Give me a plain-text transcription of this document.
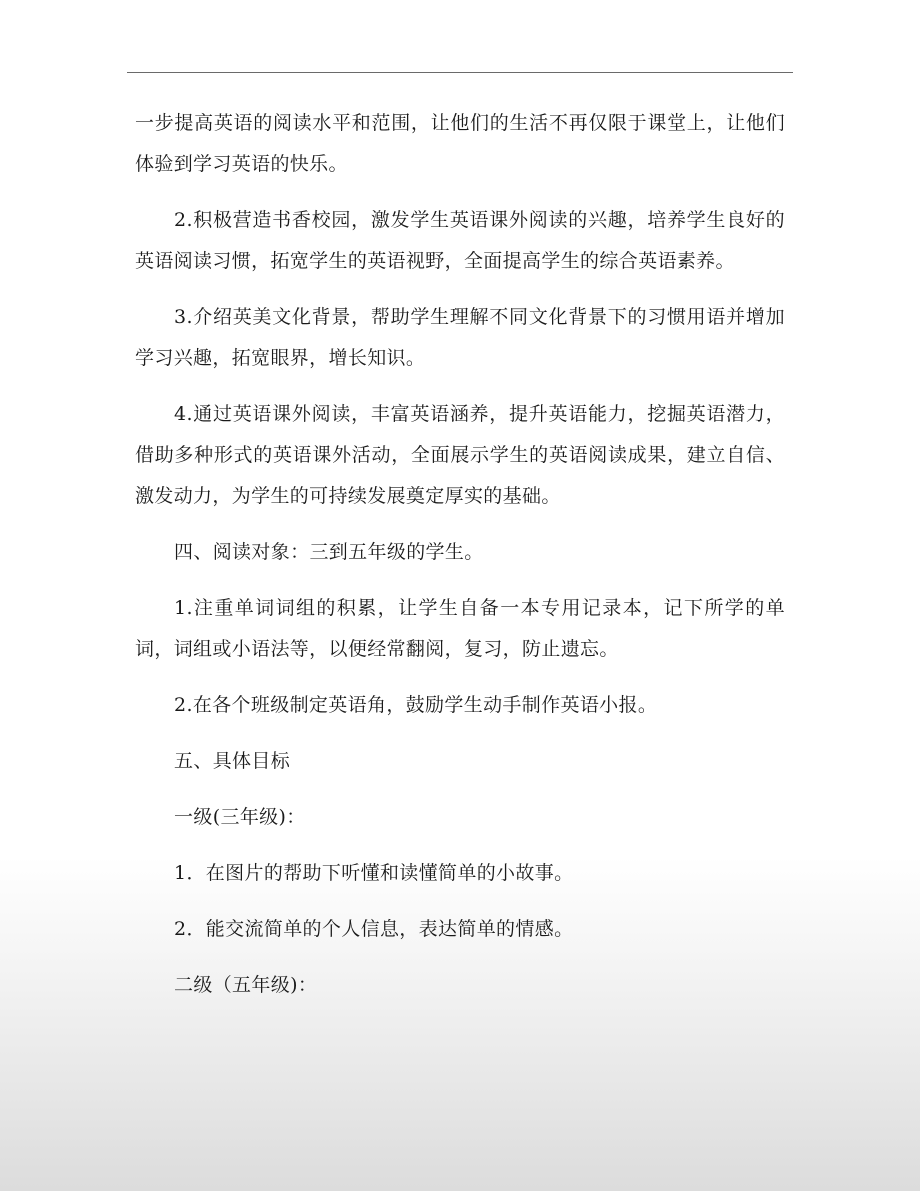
一步提高英语的阅读水平和范围，让他们的生活不再仅限于课堂上，让他们体验到学习英语的快乐。

2.积极营造书香校园，激发学生英语课外阅读的兴趣，培养学生良好的英语阅读习惯，拓宽学生的英语视野，全面提高学生的综合英语素养。

3.介绍英美文化背景，帮助学生理解不同文化背景下的习惯用语并增加学习兴趣，拓宽眼界，增长知识。

4.通过英语课外阅读，丰富英语涵养，提升英语能力，挖掘英语潜力，借助多种形式的英语课外活动，全面展示学生的英语阅读成果，建立自信、激发动力，为学生的可持续发展奠定厚实的基础。

四、阅读对象：三到五年级的学生。

1.注重单词词组的积累，让学生自备一本专用记录本，记下所学的单词，词组或小语法等，以便经常翻阅，复习，防止遗忘。

2.在各个班级制定英语角，鼓励学生动手制作英语小报。

五、具体目标

一级(三年级)：

1．在图片的帮助下听懂和读懂简单的小故事。

2．能交流简单的个人信息，表达简单的情感。

二级（五年级)：
